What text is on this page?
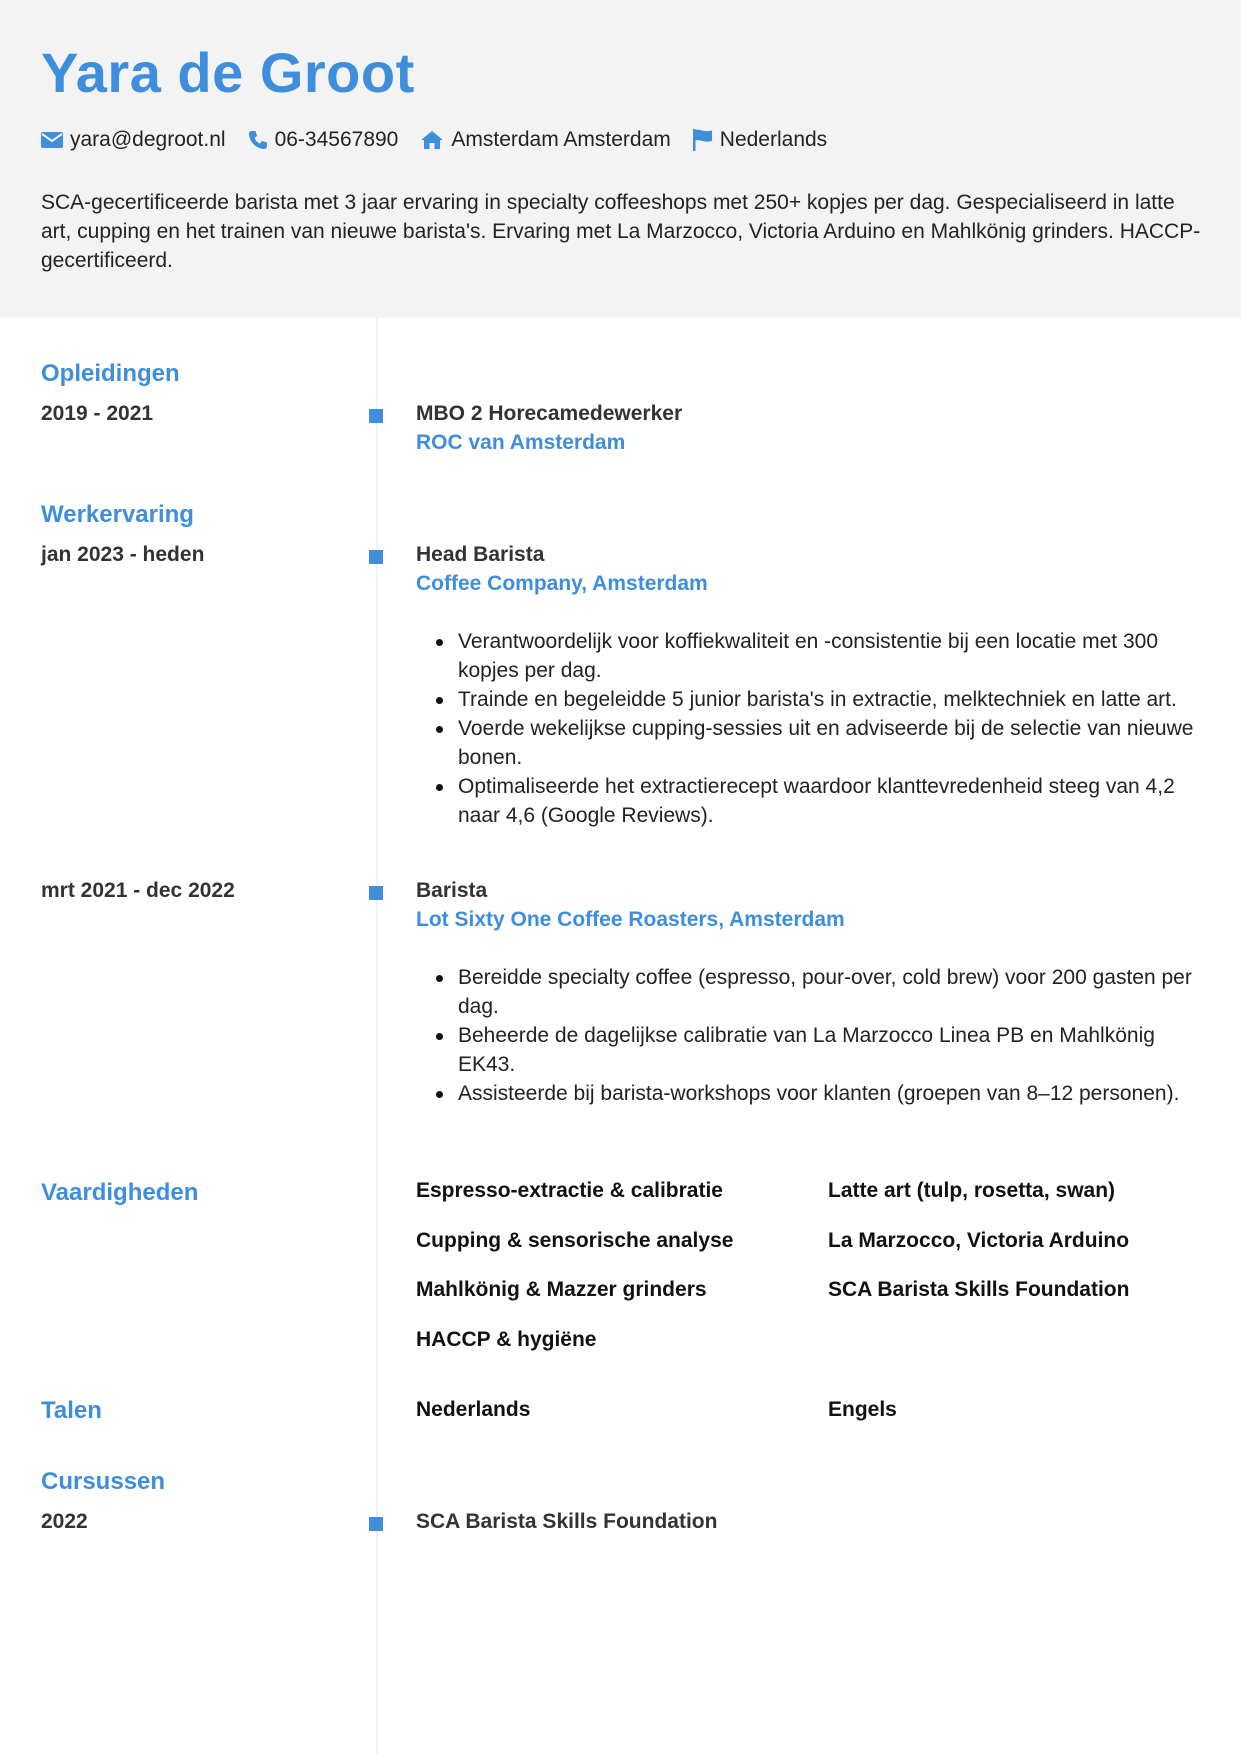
Yara de Groot
yara@degroot.nl 06-34567890	Amsterdam Amsterdam Nederlands

SCA-gecertificeerde barista met 3 jaar ervaring in specialty coffeeshops met 250+ kopjes per dag. Gespecialiseerd in latte art, cupping en het trainen van nieuwe barista's. Ervaring met La Marzocco, Victoria Arduino en Mahlkönig grinders. HACCP-gecertificeerd.

Opleidingen
2019 - 2021	MBO 2 Horecamedewerker
ROC van Amsterdam
Werkervaring
jan 2023 - heden	Head Barista
Coffee Company, Amsterdam
Verantwoordelijk voor koffiekwaliteit en -consistentie bij een locatie met 300 kopjes per dag.
Trainde en begeleidde 5 junior barista's in extractie, melktechniek en latte art.
Voerde wekelijkse cupping-sessies uit en adviseerde bij de selectie van nieuwe bonen.
Optimaliseerde het extractierecept waardoor klanttevredenheid steeg van 4,2 naar 4,6 (Google Reviews).
mrt 2021 - dec 2022	Barista
Lot Sixty One Coffee Roasters, Amsterdam
Bereidde specialty coffee (espresso, pour-over, cold brew) voor 200 gasten per dag.
Beheerde de dagelijkse calibratie van La Marzocco Linea PB en Mahlkönig EK43.
Assisteerde bij barista-workshops voor klanten (groepen van 8–12 personen).
Vaardigheden	Espresso-extractie & calibratie	Latte art (tulp, rosetta, swan)
Cupping & sensorische analyse	La Marzocco, Victoria Arduino
Mahlkönig & Mazzer grinders	SCA Barista Skills Foundation
HACCP & hygiëne
Talen	Nederlands	Engels
Cursussen
2022	SCA Barista Skills Foundation
